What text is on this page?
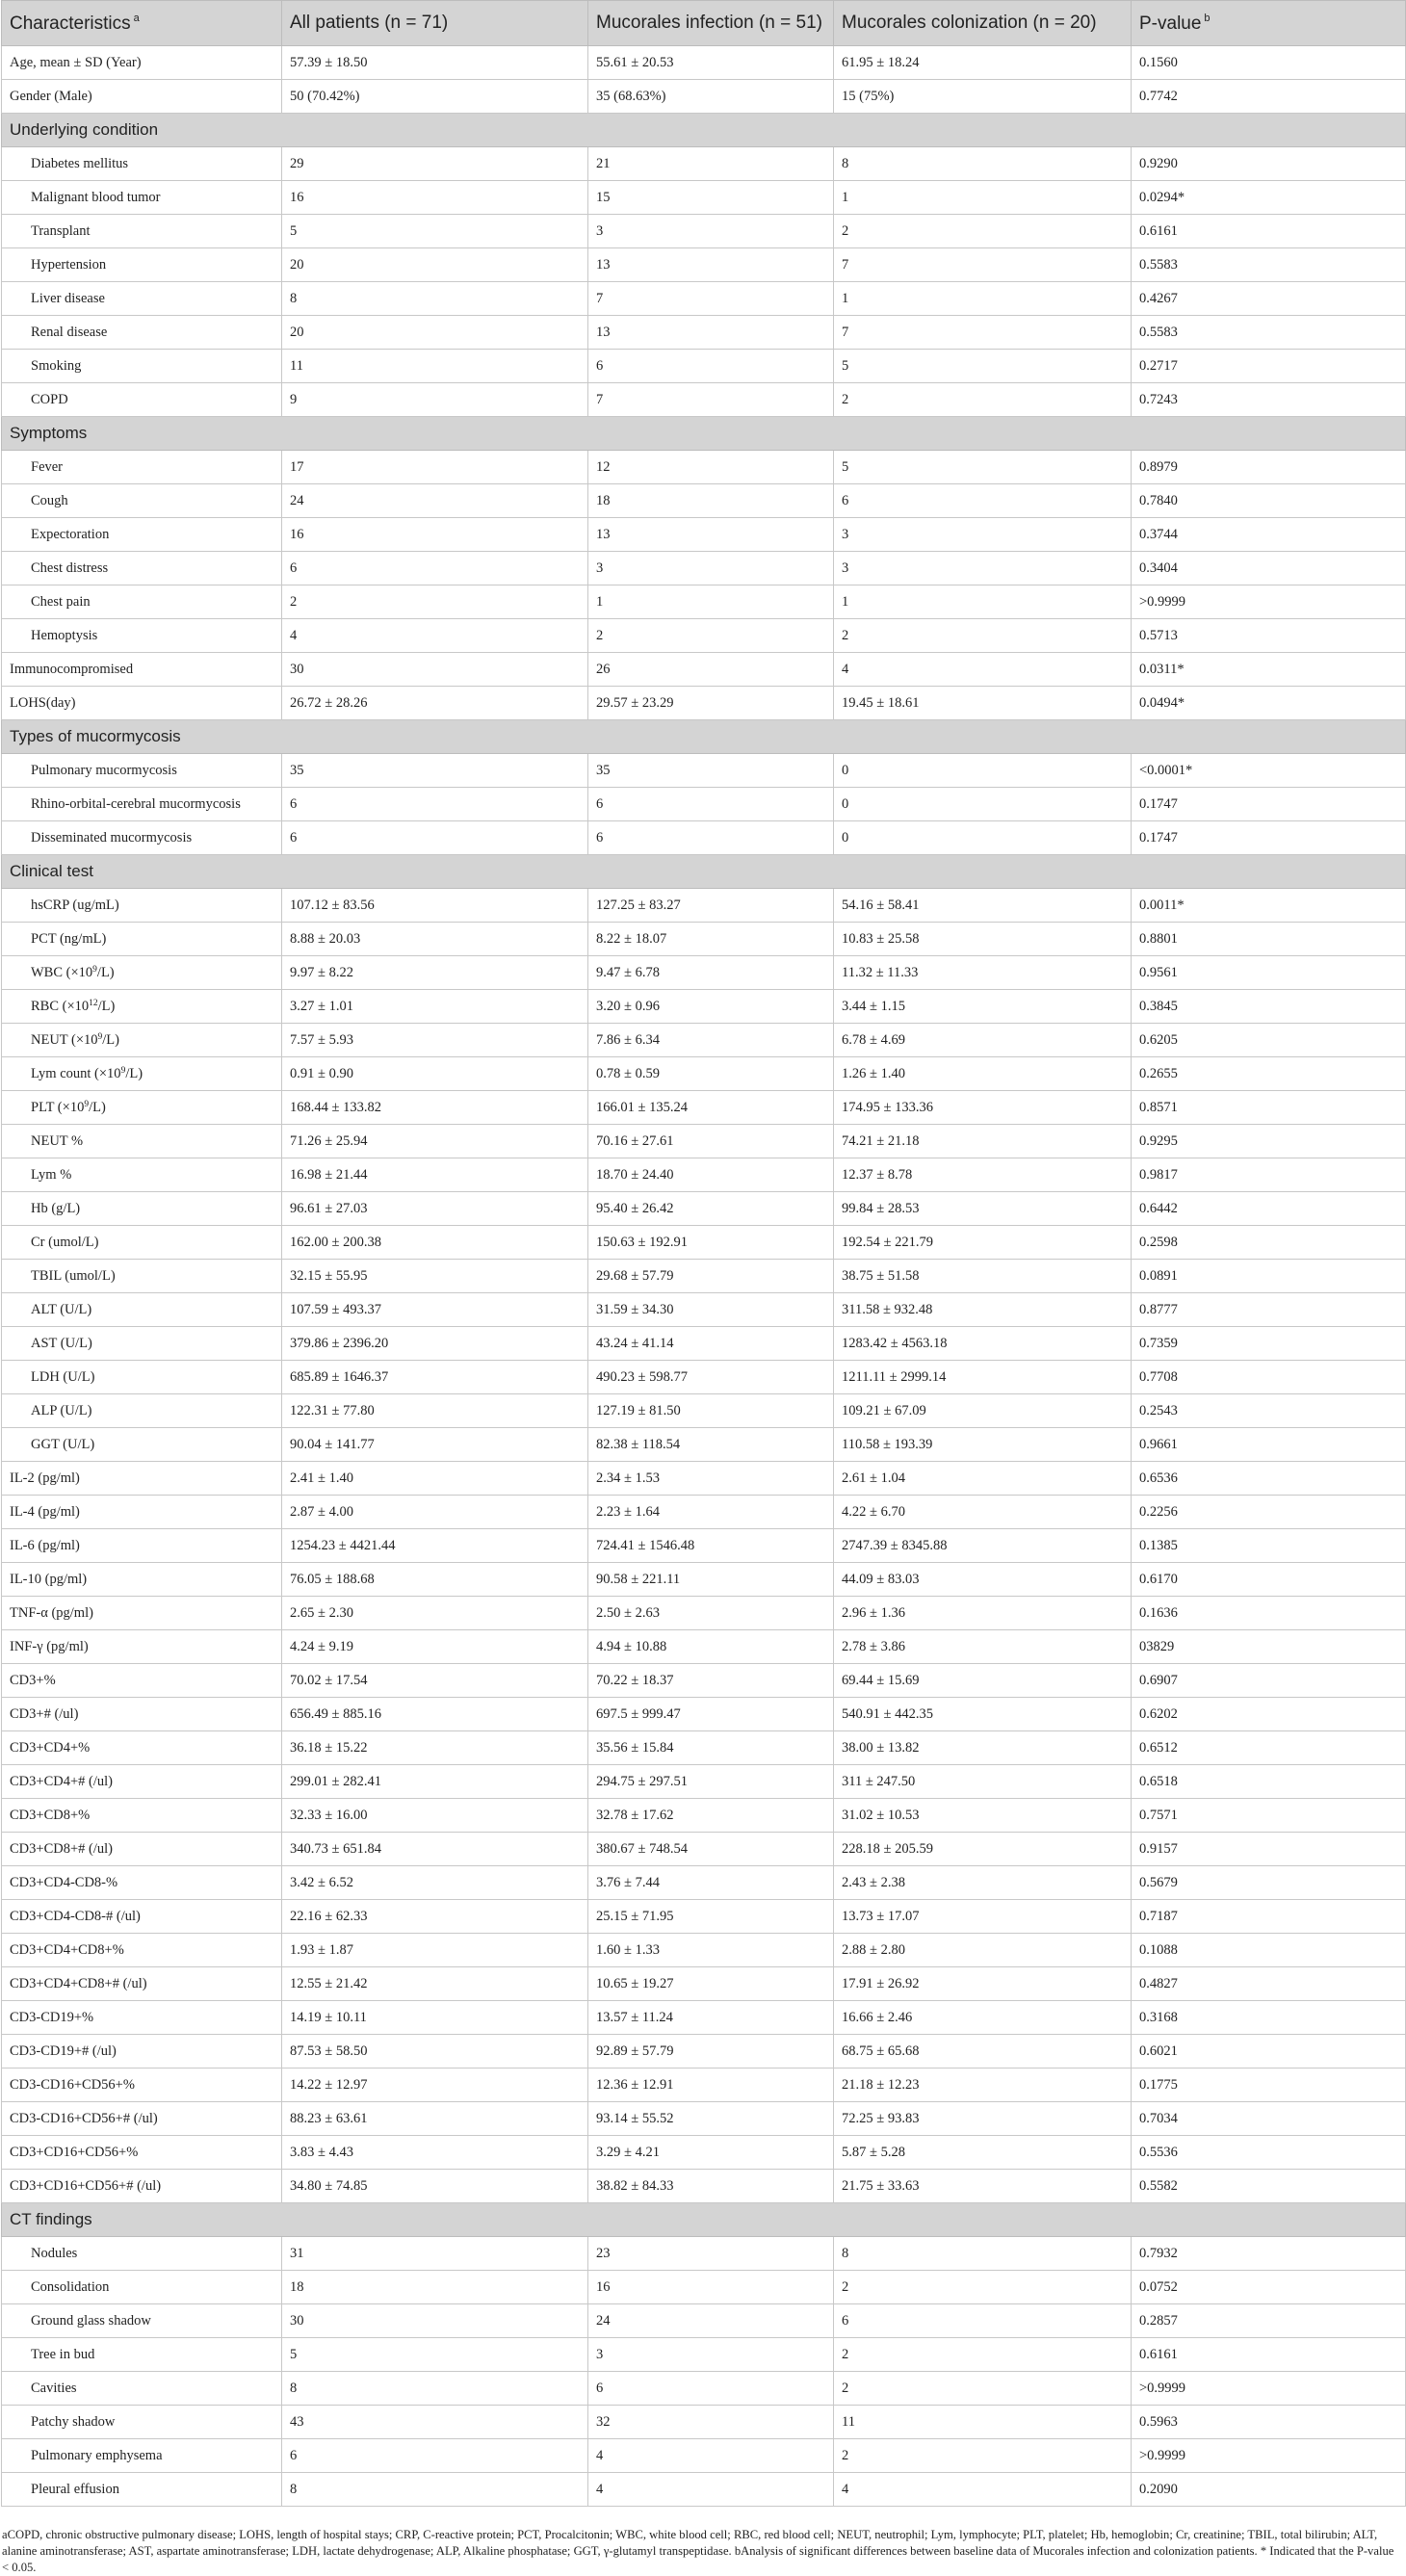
Characteristics $^a$	All patients (n = 71)	Mucorales infection (n = 51)	Mucorales colonization (n = 20)	P-value $^b$
Age, mean ± SD (Year)	57.39 ± 18.50	55.61 ± 20.53	61.95 ± 18.24	0.1560
Gender (Male)	50 (70.42%)	35 (68.63%)	15 (75%)	0.7742
Underlying condition				
Diabetes mellitus	29	21	8	0.9290
Malignant blood tumor	16	15	1	0.0294*
Transplant	5	3	2	0.6161
Hypertension	20	13	7	0.5583
Liver disease	8	7	1	0.4267
Renal disease	20	13	7	0.5583
Smoking	11	6	5	0.2717
COPD	9	7	2	0.7243
Symptoms				
Fever	17	12	5	0.8979
Cough	24	18	6	0.7840
Expectoration	16	13	3	0.3744
Chest distress	6	3	3	0.3404
Chest pain	2	1	1	>0.9999
Hemoptysis	4	2	2	0.5713
Immunocompromised	30	26	4	0.0311*
LOHS(day)	26.72 ± 28.26	29.57 ± 23.29	19.45 ± 18.61	0.0494*
Types of mucormycosis				
Pulmonary mucormycosis	35	35	0	<0.0001*
Rhino-orbital-cerebral mucormycosis	6	6	0	0.1747
Disseminated mucormycosis	6	6	0	0.1747
Clinical test				
hsCRP (ug/mL)	107.12 ± 83.56	127.25 ± 83.27	54.16 ± 58.41	0.0011*
PCT (ng/mL)	8.88 ± 20.03	8.22 ± 18.07	10.83 ± 25.58	0.8801
WBC $(\times 10^9/L)$	9.97 ± 8.22	9.47 ± 6.78	11.32 ± 11.33	0.9561
RBC $(\times 10^{12}/L)$	3.27 ± 1.01	3.20 ± 0.96	3.44 ± 1.15	0.3845
NEUT $(\times 10^9/L)$	7.57 ± 5.93	7.86 ± 6.34	6.78 ± 4.69	0.6205
Lym count $(\times 10^9/L)$	0.91 ± 0.90	0.78 ± 0.59	1.26 ± 1.40	0.2655
PLT $(\times 10^9/L)$	168.44 ± 133.82	166.01 ± 135.24	174.95 ± 133.36	0.8571
NEUT %	71.26 ± 25.94	70.16 ± 27.61	74.21 ± 21.18	0.9295
Lym %	16.98 ± 21.44	18.70 ± 24.40	12.37 ± 8.78	0.9817
Hb (g/L)	96.61 ± 27.03	95.40 ± 26.42	99.84 ± 28.53	0.6442
Cr (umol/L)	162.00 ± 200.38	150.63 ± 192.91	192.54 ± 221.79	0.2598
TBIL (umol/L)	32.15 ± 55.95	29.68 ± 57.79	38.75 ± 51.58	0.0891
ALT (U/L)	107.59 ± 493.37	31.59 ± 34.30	311.58 ± 932.48	0.8777
AST (U/L)	379.86 ± 2396.20	43.24 ± 41.14	1283.42 ± 4563.18	0.7359
LDH (U/L)	685.89 ± 1646.37	490.23 ± 598.77	1211.11 ± 2999.14	0.7708
ALP (U/L)	122.31 ± 77.80	127.19 ± 81.50	109.21 ± 67.09	0.2543
GGT (U/L)	90.04 ± 141.77	82.38 ± 118.54	110.58 ± 193.39	0.9661
IL-2 (pg/ml)	2.41 ± 1.40	2.34 ± 1.53	2.61 ± 1.04	0.6536
IL-4 (pg/ml)	2.87 ± 4.00	2.23 ± 1.64	4.22 ± 6.70	0.2256
IL-6 (pg/ml)	1254.23 ± 4421.44	724.41 ± 1546.48	2747.39 ± 8345.88	0.1385
IL-10 (pg/ml)	76.05 ± 188.68	90.58 ± 221.11	44.09 ± 83.03	0.6170
TNF-α (pg/ml)	2.65 ± 2.30	2.50 ± 2.63	2.96 ± 1.36	0.1636
INF-γ (pg/ml)	4.24 ± 9.19	4.94 ± 10.88	2.78 ± 3.86	03829
CD3+%	70.02 ± 17.54	70.22 ± 18.37	69.44 ± 15.69	0.6907
CD3+# (/ul)	656.49 ± 885.16	697.5 ± 999.47	540.91 ± 442.35	0.6202
CD3+CD4+%	36.18 ± 15.22	35.56 ± 15.84	38.00 ± 13.82	0.6512
CD3+CD4+# (/ul)	299.01 ± 282.41	294.75 ± 297.51	311 ± 247.50	0.6518
CD3+CD8+%	32.33 ± 16.00	32.78 ± 17.62	31.02 ± 10.53	0.7571
CD3+CD8+# (/ul)	340.73 ± 651.84	380.67 ± 748.54	228.18 ± 205.59	0.9157
CD3+CD4-CD8-%	3.42 ± 6.52	3.76 ± 7.44	2.43 ± 2.38	0.5679
CD3+CD4-CD8-# (/ul)	22.16 ± 62.33	25.15 ± 71.95	13.73 ± 17.07	0.7187
CD3+CD4+CD8+%	1.93 ± 1.87	1.60 ± 1.33	2.88 ± 2.80	0.1088
CD3+CD4+CD8+# (/ul)	12.55 ± 21.42	10.65 ± 19.27	17.91 ± 26.92	0.4827
CD3-CD19+%	14.19 ± 10.11	13.57 ± 11.24	16.66 ± 2.46	0.3168
CD3-CD19+# (/ul)	87.53 ± 58.50	92.89 ± 57.79	68.75 ± 65.68	0.6021
CD3-CD16+CD56+%	14.22 ± 12.97	12.36 ± 12.91	21.18 ± 12.23	0.1775
CD3-CD16+CD56+# (/ul)	88.23 ± 63.61	93.14 ± 55.52	72.25 ± 93.83	0.7034
CD3+CD16+CD56+%	3.83 ± 4.43	3.29 ± 4.21	5.87 ± 5.28	0.5536
CD3+CD16+CD56+# (/ul)	34.80 ± 74.85	38.82 ± 84.33	21.75 ± 33.63	0.5582
CT findings				
Nodules	31	23	8	0.7932
Consolidation	18	16	2	0.0752
Ground glass shadow	30	24	6	0.2857
Tree in bud	5	3	2	0.6161
Cavities	8	6	2	>0.9999
Patchy shadow	43	32	11	0.5963
Pulmonary emphysema	6	4	2	>0.9999
Pleural effusion	8	4	4	0.2090
aCOPD, chronic obstructive pulmonary disease; LOHS, length of hospital stays; CRP, C-reactive protein; PCT, Procalcitonin; WBC, white blood cell; RBC, red blood cell; NEUT, neutrophil; Lym, lymphocyte; PLT, platelet; Hb, hemoglobin; Cr, creatinine; TBIL, total bilirubin; ALT, alanine aminotransferase; AST, aspartate aminotransferase; LDH, lactate dehydrogenase; ALP, Alkaline phosphatase; GGT, γ-glutamyl transpeptidase. bAnalysis of significant differences between baseline data of Mucorales infection and colonization patients. * Indicated that the P-value < 0.05.
